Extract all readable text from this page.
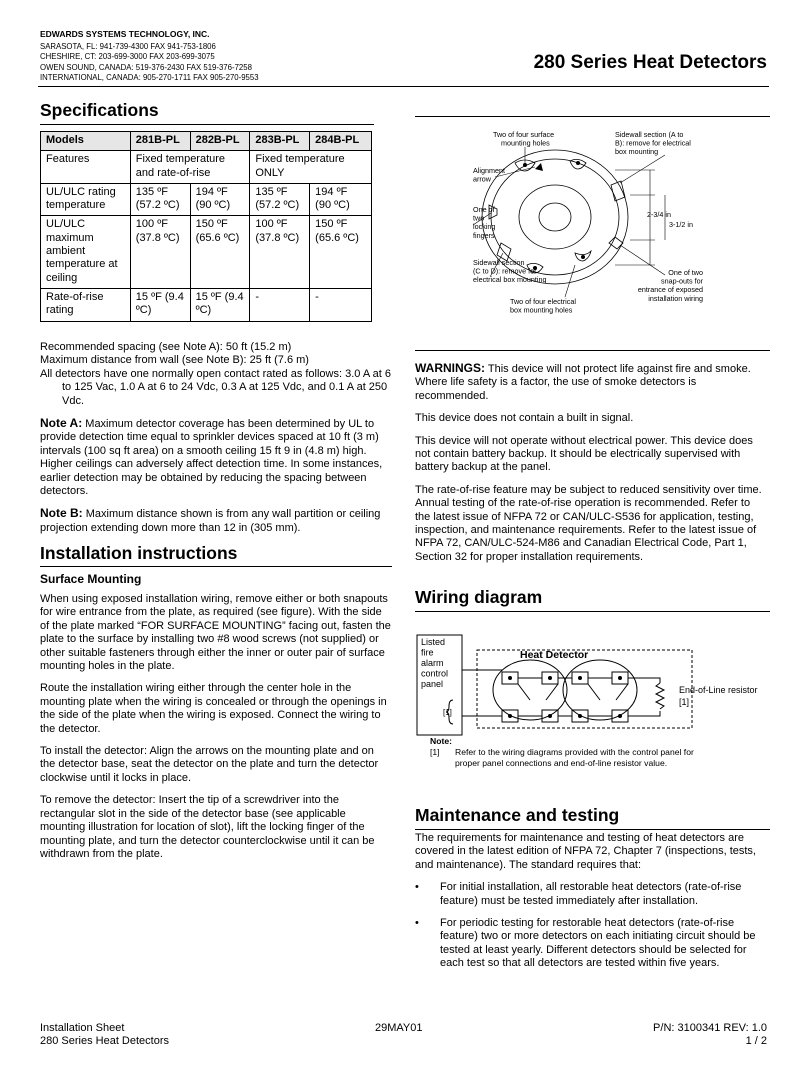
EDWARDS SYSTEMS TECHNOLOGY, INC.
SARASOTA, FL: 941-739-4300 FAX 941-753-1806
CHESHIRE, CT: 203-699-3000 FAX 203-699-3075
OWEN SOUND, CANADA: 519-376-2430 FAX 519-376-7258
INTERNATIONAL, CANADA: 905-270-1711 FAX 905-270-9553
280 Series Heat Detectors
Specifications
Models	281B-PL	282B-PL	283B-PL	284B-PL
Features	Fixed temperature and rate-of-rise		Fixed temperature ONLY	
UL/ULC rating temperature	135 ºF (57.2 ºC)	194 ºF (90 ºC)	135 ºF (57.2 ºC)	194 ºF (90 ºC)
UL/ULC maximum ambient temperature at ceiling	100 ºF (37.8 ºC)	150 ºF (65.6 ºC)	100 ºF (37.8 ºC)	150 ºF (65.6 ºC)
Rate-of-rise rating	15 ºF (9.4 ºC)	15 ºF (9.4 ºC)	-	-
Recommended spacing (see Note A): 50 ft (15.2 m)
Maximum distance from wall (see Note B): 25 ft (7.6 m)
All detectors have one normally open contact rated as follows: 3.0 A at 6 to 125 Vac, 1.0 A at 6 to 24 Vdc, 0.3 A at 125 Vdc, and 0.1 A at 250 Vdc.

Note A: Maximum detector coverage has been determined by UL to provide detection time equal to sprinkler devices spaced at 10 ft (3 m) intervals (100 sq ft area) on a smooth ceiling 15 ft 9 in (4.8 m) high. Higher ceilings can adversely affect detection time. In some instances, earlier detection may be obtained by reducing the spacing between detectors.

Note B: Maximum distance shown is from any wall partition or ceiling projection extending down more than 12 in (305 mm).

Installation instructions
Surface Mounting

When using exposed installation wiring, remove either or both snapouts for wire entrance from the plate, as required (see figure). With the side of the plate marked “FOR SURFACE MOUNTING” facing out, fasten the plate to the surface by installing two #8 wood screws (not supplied) or other suitable fasteners through either the inner or outer pair of surface mounting holes in the plate.

Route the installation wiring either through the center hole in the mounting plate when the wiring is concealed or through the openings in the side of the plate when the wiring is exposed. Connect the wiring to the detector.

To install the detector: Align the arrows on the mounting plate and on the detector base, seat the detector on the plate and turn the detector clockwise until it locks in place.

To remove the detector: Insert the tip of a screwdriver into the rectangular slot in the side of the detector base (see applicable mounting illustration for location of slot), lift the locking finger of the mounting plate, and turn the detector counterclockwise until it can be withdrawn from the plate.

Two of four surface mounting holes
Sidewall section (A to B): remove for electrical box mounting
Alignment arrow
One of two locking fingers
2-3/4 in
3-1/2 in
Sidewall section (C to D): remove for electrical box mounting
One of two snap-outs for entrance of exposed installation wiring
Two of four electrical box mounting holes

WARNINGS: This device will not protect life against fire and smoke. Where life safety is a factor, the use of smoke detectors is recommended.

This device does not contain a built in signal.

This device will not operate without electrical power. This device does not contain battery backup. It should be electrically supervised with battery backup at the panel.

The rate-of-rise feature may be subject to reduced sensitivity over time. Annual testing of the rate-of-rise operation is recommended. Refer to the latest issue of NFPA 72 or CAN/ULC-S536 for application, testing, inspection, and maintenance requirements. Refer to the latest issue of NFPA 72, CAN/ULC-524-M86 and Canadian Electrical Code, Part 1, Section 32 for proper installation requirements.

Wiring diagram
Listed fire alarm control panel
[1]
Heat Detector
End-of-Line resistor
[1]
Note:
[1] Refer to the wiring diagrams provided with the control panel for
proper panel connections and end-of-line resistor value.
Maintenance and testing

The requirements for maintenance and testing of heat detectors are covered in the latest edition of NFPA 72, Chapter 7 (inspections, tests, and maintenance). The standard requires that:

• For initial installation, all restorable heat detectors (rate-of-rise feature) must be tested immediately after installation.
• For periodic testing for restorable heat detectors (rate-of-rise feature) two or more detectors on each initiating circuit should be tested at least yearly. Different detectors should be selected for each test so that all detectors are tested within five years.
Installation Sheet
280 Series Heat Detectors
29MAY01	P/N: 3100341 REV: 1.0
1 / 2
